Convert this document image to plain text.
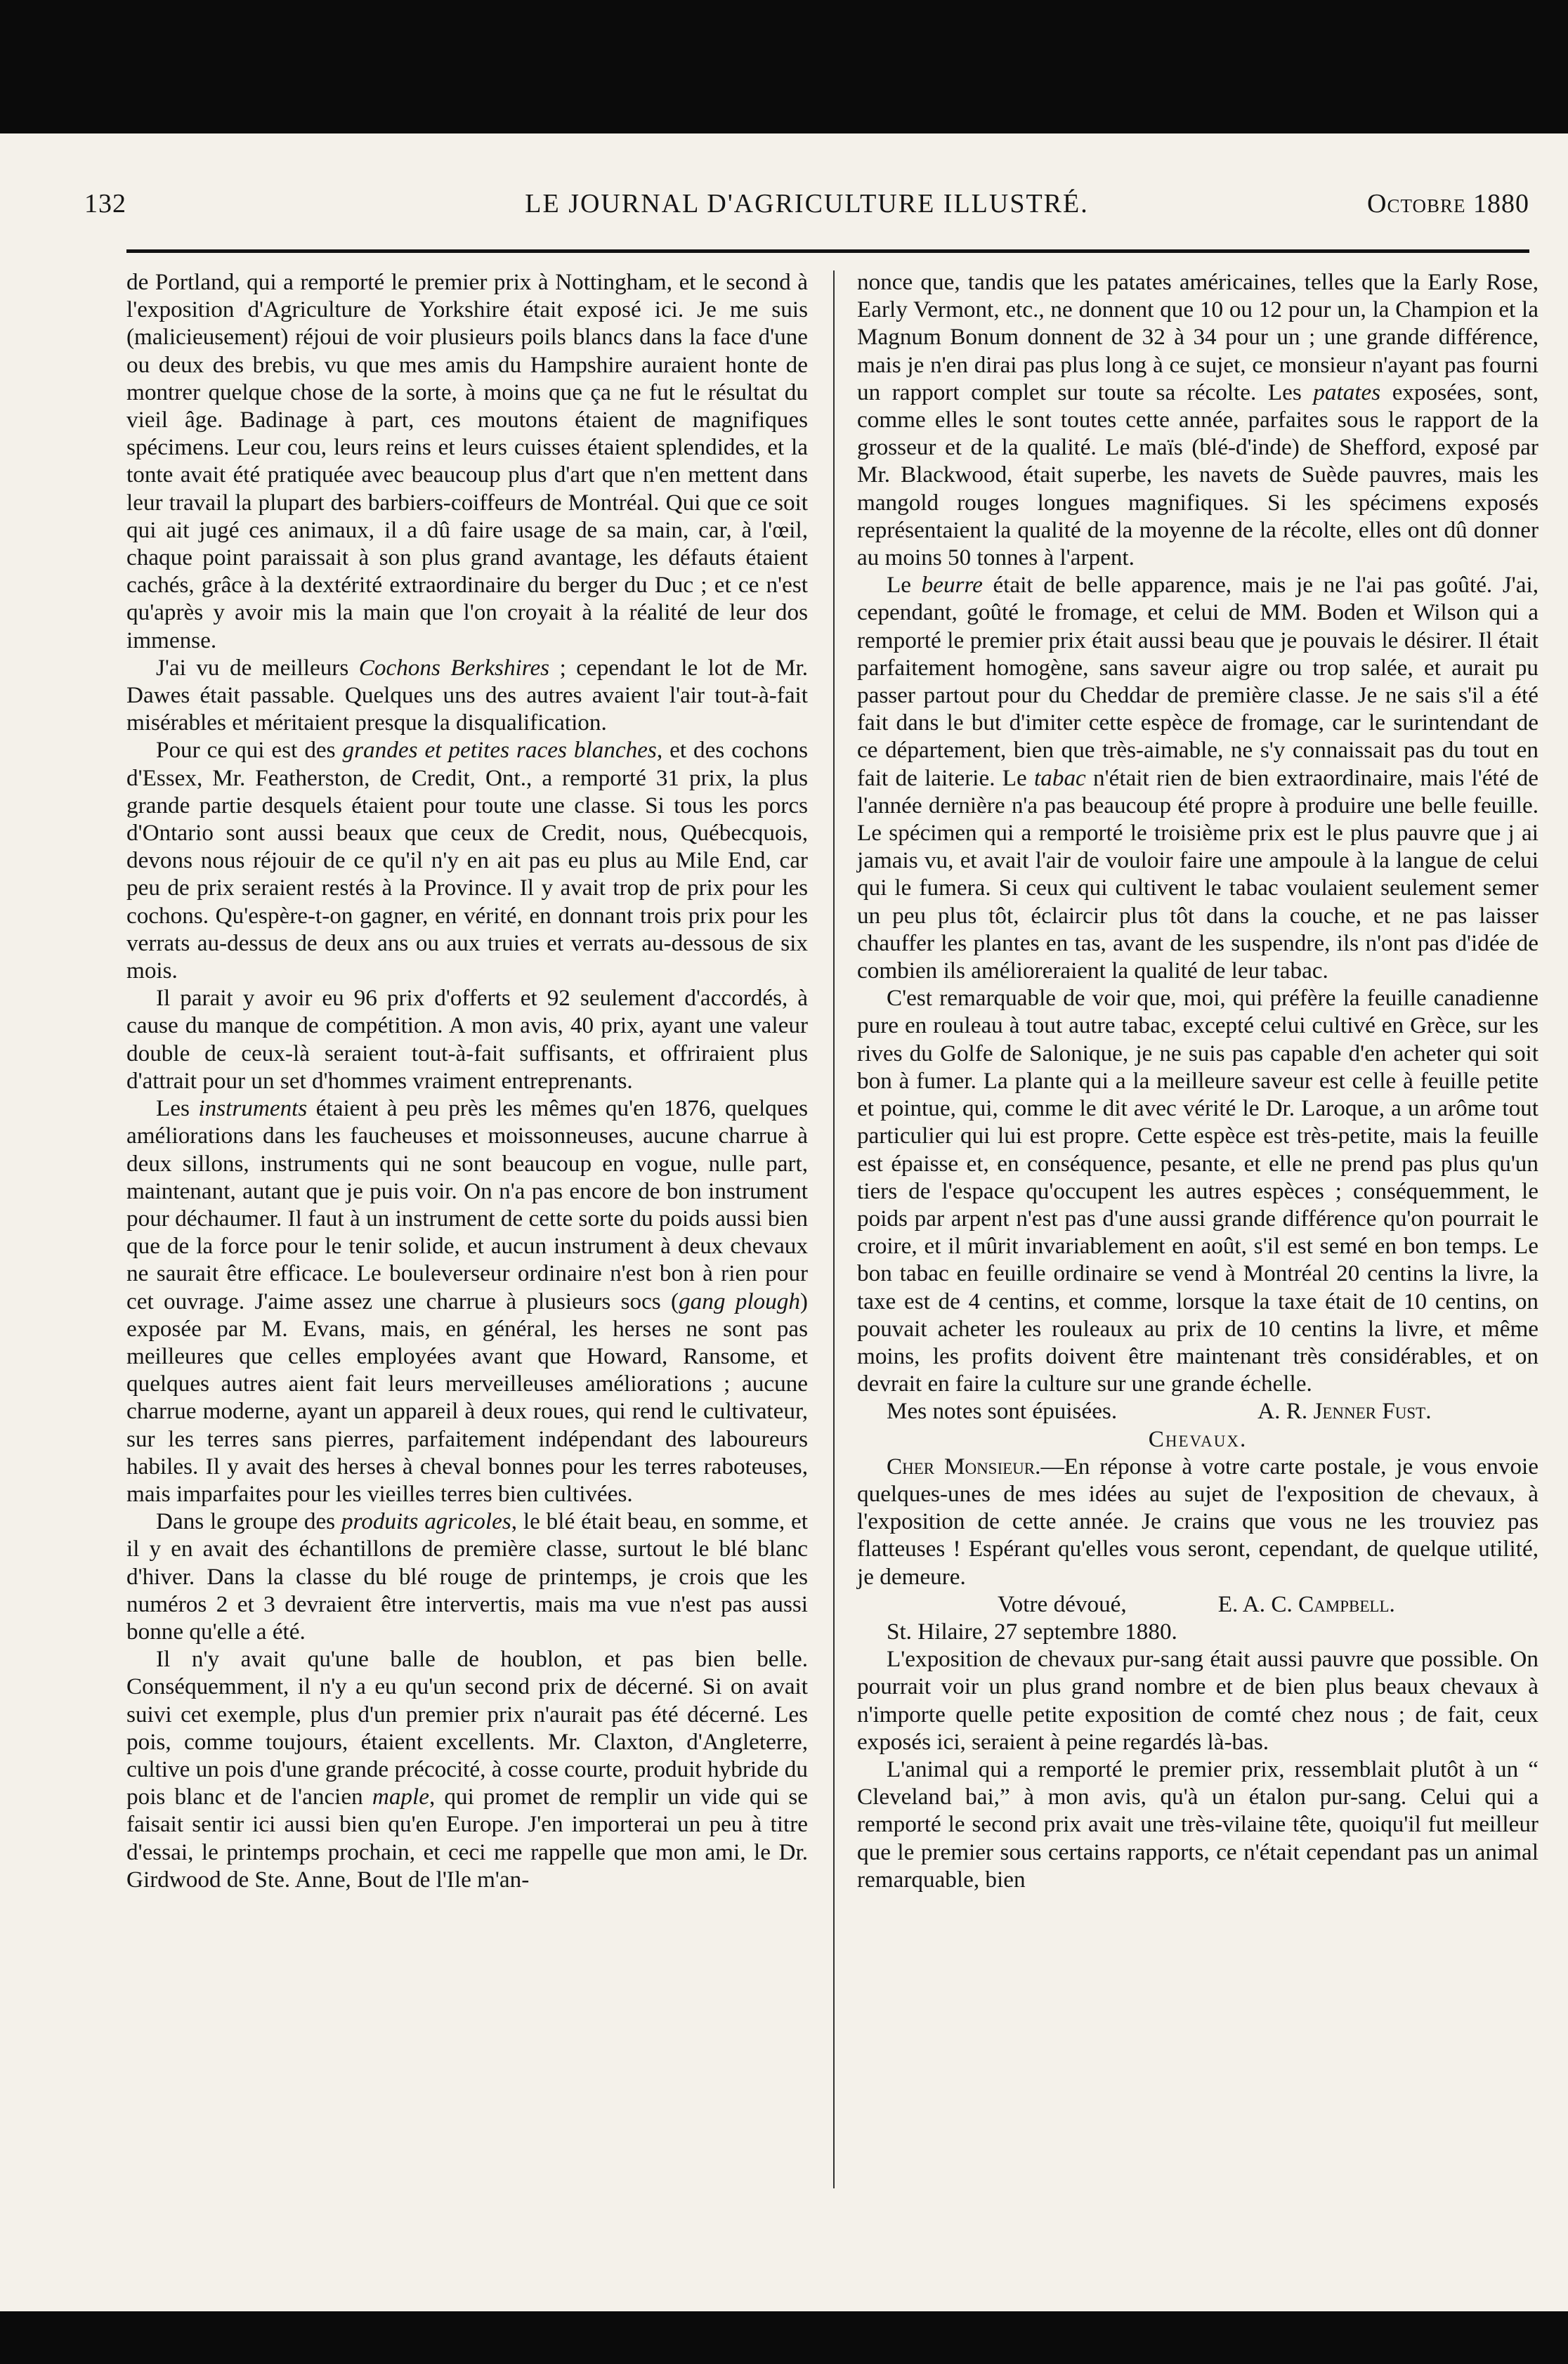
132	LE JOURNAL D'AGRICULTURE ILLUSTRÉ.	Octobre 1880

de Portland, qui a remporté le premier prix à Nottingham, et le second à l'exposition d'Agriculture de Yorkshire était exposé ici. Je me suis (malicieusement) réjoui de voir plusieurs poils blancs dans la face d'une ou deux des brebis, vu que mes amis du Hampshire auraient honte de montrer quelque chose de la sorte, à moins que ça ne fut le résultat du vieil âge. Badinage à part, ces moutons étaient de magnifiques spécimens. Leur cou, leurs reins et leurs cuisses étaient splendides, et la tonte avait été pratiquée avec beaucoup plus d'art que n'en mettent dans leur travail la plupart des barbiers-coiffeurs de Montréal. Qui que ce soit qui ait jugé ces animaux, il a dû faire usage de sa main, car, à l'œil, chaque point paraissait à son plus grand avantage, les défauts étaient cachés, grâce à la dextérité extraordinaire du berger du Duc ; et ce n'est qu'après y avoir mis la main que l'on croyait à la réalité de leur dos immense.

J'ai vu de meilleurs Cochons Berkshires ; cependant le lot de Mr. Dawes était passable. Quelques uns des autres avaient l'air tout-à-fait misérables et méritaient presque la disqualification.

Pour ce qui est des grandes et petites races blanches, et des cochons d'Essex, Mr. Featherston, de Credit, Ont., a remporté 31 prix, la plus grande partie desquels étaient pour toute une classe. Si tous les porcs d'Ontario sont aussi beaux que ceux de Credit, nous, Québecquois, devons nous réjouir de ce qu'il n'y en ait pas eu plus au Mile End, car peu de prix seraient restés à la Province. Il y avait trop de prix pour les cochons. Qu'espère-t-on gagner, en vérité, en donnant trois prix pour les verrats au-dessus de deux ans ou aux truies et verrats au-dessous de six mois.

Il parait y avoir eu 96 prix d'offerts et 92 seulement d'accordés, à cause du manque de compétition. A mon avis, 40 prix, ayant une valeur double de ceux-là seraient tout-à-fait suffisants, et offriraient plus d'attrait pour un set d'hommes vraiment entreprenants.

Les instruments étaient à peu près les mêmes qu'en 1876, quelques améliorations dans les faucheuses et moissonneuses, aucune charrue à deux sillons, instruments qui ne sont beaucoup en vogue, nulle part, maintenant, autant que je puis voir. On n'a pas encore de bon instrument pour déchaumer. Il faut à un instrument de cette sorte du poids aussi bien que de la force pour le tenir solide, et aucun instrument à deux chevaux ne saurait être efficace. Le bouleverseur ordinaire n'est bon à rien pour cet ouvrage. J'aime assez une charrue à plusieurs socs (gang plough) exposée par M. Evans, mais, en général, les herses ne sont pas meilleures que celles employées avant que Howard, Ransome, et quelques autres aient fait leurs merveilleuses améliorations ; aucune charrue moderne, ayant un appareil à deux roues, qui rend le cultivateur, sur les terres sans pierres, parfaitement indépendant des laboureurs habiles. Il y avait des herses à cheval bonnes pour les terres raboteuses, mais imparfaites pour les vieilles terres bien cultivées.

Dans le groupe des produits agricoles, le blé était beau, en somme, et il y en avait des échantillons de première classe, surtout le blé blanc d'hiver. Dans la classe du blé rouge de printemps, je crois que les numéros 2 et 3 devraient être intervertis, mais ma vue n'est pas aussi bonne qu'elle a été.

Il n'y avait qu'une balle de houblon, et pas bien belle. Conséquemment, il n'y a eu qu'un second prix de décerné. Si on avait suivi cet exemple, plus d'un premier prix n'aurait pas été décerné. Les pois, comme toujours, étaient excellents. Mr. Claxton, d'Angleterre, cultive un pois d'une grande précocité, à cosse courte, produit hybride du pois blanc et de l'ancien maple, qui promet de remplir un vide qui se faisait sentir ici aussi bien qu'en Europe. J'en importerai un peu à titre d'essai, le printemps prochain, et ceci me rappelle que mon ami, le Dr. Girdwood de Ste. Anne, Bout de l'Ile m'an-

nonce que, tandis que les patates américaines, telles que la Early Rose, Early Vermont, etc., ne donnent que 10 ou 12 pour un, la Champion et la Magnum Bonum donnent de 32 à 34 pour un ; une grande différence, mais je n'en dirai pas plus long à ce sujet, ce monsieur n'ayant pas fourni un rapport complet sur toute sa récolte. Les patates exposées, sont, comme elles le sont toutes cette année, parfaites sous le rapport de la grosseur et de la qualité. Le maïs (blé-d'inde) de Shefford, exposé par Mr. Blackwood, était superbe, les navets de Suède pauvres, mais les mangold rouges longues magnifiques. Si les spécimens exposés représentaient la qualité de la moyenne de la récolte, elles ont dû donner au moins 50 tonnes à l'arpent.

Le beurre était de belle apparence, mais je ne l'ai pas goûté. J'ai, cependant, goûté le fromage, et celui de MM. Boden et Wilson qui a remporté le premier prix était aussi beau que je pouvais le désirer. Il était parfaitement homogène, sans saveur aigre ou trop salée, et aurait pu passer partout pour du Cheddar de première classe. Je ne sais s'il a été fait dans le but d'imiter cette espèce de fromage, car le surintendant de ce département, bien que très-aimable, ne s'y connaissait pas du tout en fait de laiterie. Le tabac n'était rien de bien extraordinaire, mais l'été de l'année dernière n'a pas beaucoup été propre à produire une belle feuille. Le spécimen qui a remporté le troisième prix est le plus pauvre que j ai jamais vu, et avait l'air de vouloir faire une ampoule à la langue de celui qui le fumera. Si ceux qui cultivent le tabac voulaient seulement semer un peu plus tôt, éclaircir plus tôt dans la couche, et ne pas laisser chauffer les plantes en tas, avant de les suspendre, ils n'ont pas d'idée de combien ils amélioreraient la qualité de leur tabac.

C'est remarquable de voir que, moi, qui préfère la feuille canadienne pure en rouleau à tout autre tabac, excepté celui cultivé en Grèce, sur les rives du Golfe de Salonique, je ne suis pas capable d'en acheter qui soit bon à fumer. La plante qui a la meilleure saveur est celle à feuille petite et pointue, qui, comme le dit avec vérité le Dr. Laroque, a un arôme tout particulier qui lui est propre. Cette espèce est très-petite, mais la feuille est épaisse et, en conséquence, pesante, et elle ne prend pas plus qu'un tiers de l'espace qu'occupent les autres espèces ; conséquemment, le poids par arpent n'est pas d'une aussi grande différence qu'on pourrait le croire, et il mûrit invariablement en août, s'il est semé en bon temps. Le bon tabac en feuille ordinaire se vend à Montréal 20 centins la livre, la taxe est de 4 centins, et comme, lorsque la taxe était de 10 centins, on pouvait acheter les rouleaux au prix de 10 centins la livre, et même moins, les profits doivent être maintenant très considérables, et on devrait en faire la culture sur une grande échelle.

Mes notes sont épuisées.	A. R. Jenner Fust.

Chevaux.

Cher Monsieur.—En réponse à votre carte postale, je vous envoie quelques-unes de mes idées au sujet de l'exposition de chevaux, à l'exposition de cette année. Je crains que vous ne les trouviez pas flatteuses ! Espérant qu'elles vous seront, cependant, de quelque utilité, je demeure.

Votre dévoué,	E. A. C. Campbell.

St. Hilaire, 27 septembre 1880.

L'exposition de chevaux pur-sang était aussi pauvre que possible. On pourrait voir un plus grand nombre et de bien plus beaux chevaux à n'importe quelle petite exposition de comté chez nous ; de fait, ceux exposés ici, seraient à peine regardés là-bas.

L'animal qui a remporté le premier prix, ressemblait plutôt à un “ Cleveland bai,” à mon avis, qu'à un étalon pur-sang. Celui qui a remporté le second prix avait une très-vilaine tête, quoiqu'il fut meilleur que le premier sous certains rapports, ce n'était cependant pas un animal remarquable, bien
